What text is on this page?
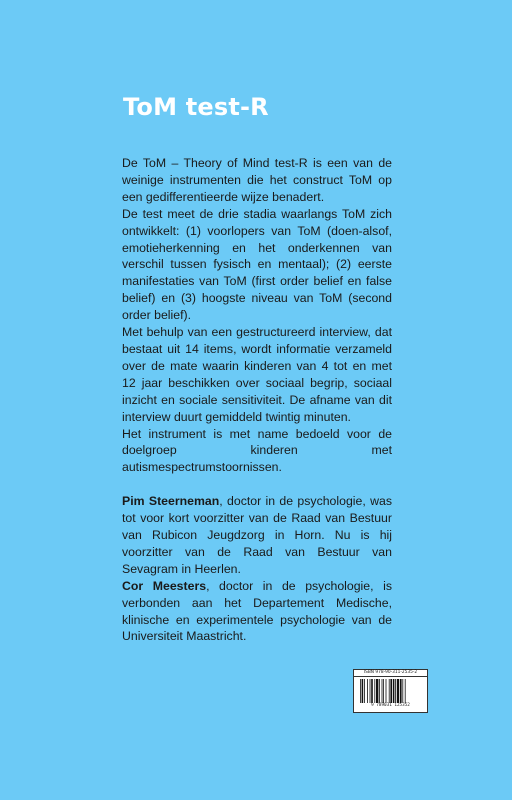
ToM test-R

De ToM – Theory of Mind test-R is een van de weinige instrumenten die het construct ToM op een gedifferentieerde wijze benadert.

De test meet de drie stadia waarlangs ToM zich ontwikkelt: (1) voorlopers van ToM (doen-alsof, emotieherkenning en het onderkennen van verschil tussen fysisch en mentaal); (2) eerste manifestaties van ToM (first order belief en false belief) en (3) hoogste niveau van ToM (second order belief).

Met behulp van een gestructureerd interview, dat bestaat uit 14 items, wordt informatie verzameld over de mate waarin kinderen van 4 tot en met 12 jaar beschikken over sociaal begrip, sociaal inzicht en sociale sensitiviteit. De afname van dit interview duurt gemiddeld twintig minuten.

Het instrument is met name bedoeld voor de doelgroep kinderen met autismespectrumstoornissen.

Pim Steerneman, doctor in de psychologie, was tot voor kort voorzitter van de Raad van Bestuur van Rubicon Jeugdzorg in Horn. Nu is hij voorzitter van de Raad van Bestuur van Sevagram in Heerlen.

Cor Meesters, doctor in de psychologie, is verbonden aan het Departement Medische, klinische en experimentele psychologie van de Universiteit Maastricht.

ISBN 978-90-311-2535-2
9 789031 125352
